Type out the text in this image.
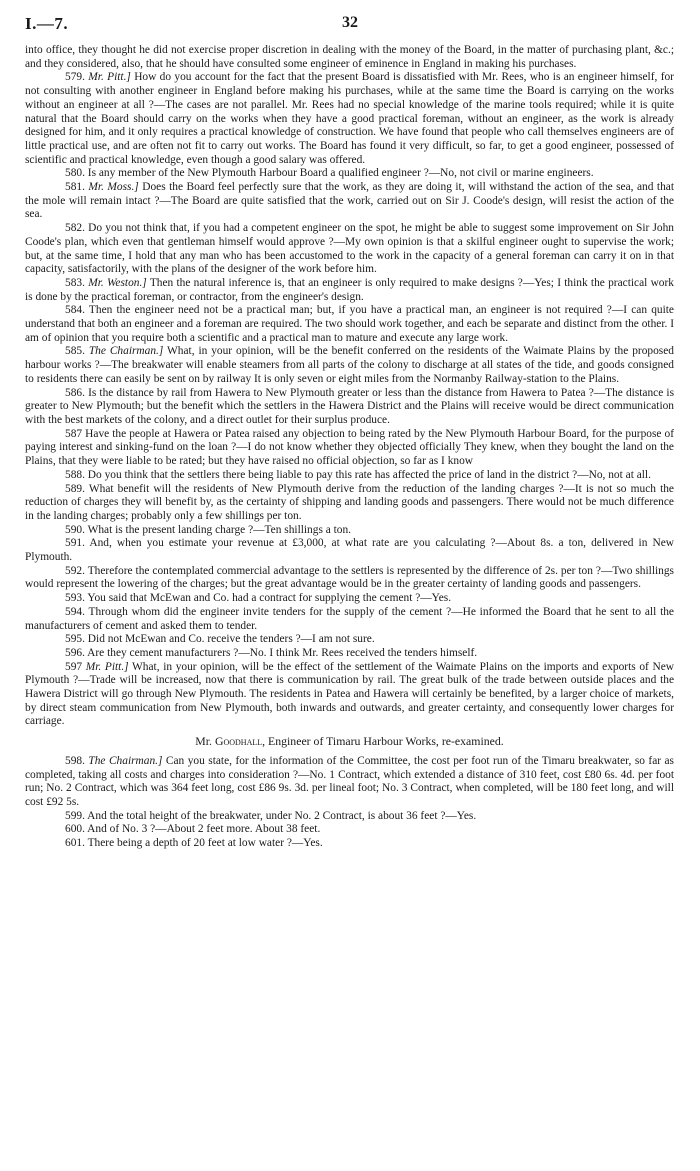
I.—7.	32

into office, they thought he did not exercise proper discretion in dealing with the money of the Board, in the matter of purchasing plant, &c.; and they considered, also, that he should have consulted some engineer of eminence in England in making his purchases.

579. Mr. Pitt.] How do you account for the fact that the present Board is dissatisfied with Mr. Rees, who is an engineer himself, for not consulting with another engineer in England before making his purchases, while at the same time the Board is carrying on the works without an engineer at all ?—The cases are not parallel. Mr. Rees had no special knowledge of the marine tools required; while it is quite natural that the Board should carry on the works when they have a good practical foreman, without an engineer, as the work is already designed for him, and it only requires a practical knowledge of construction. We have found that people who call themselves engineers are of little practical use, and are often not fit to carry out works. The Board has found it very difficult, so far, to get a good engineer, possessed of scientific and practical knowledge, even though a good salary was offered.

580. Is any member of the New Plymouth Harbour Board a qualified engineer ?—No, not civil or marine engineers.

581. Mr. Moss.] Does the Board feel perfectly sure that the work, as they are doing it, will withstand the action of the sea, and that the mole will remain intact ?—The Board are quite satisfied that the work, carried out on Sir J. Coode's design, will resist the action of the sea.

582. Do you not think that, if you had a competent engineer on the spot, he might be able to suggest some improvement on Sir John Coode's plan, which even that gentleman himself would approve ?—My own opinion is that a skilful engineer ought to supervise the work; but, at the same time, I hold that any man who has been accustomed to the work in the capacity of a general foreman can carry it on in that capacity, satisfactorily, with the plans of the designer of the work before him.

583. Mr. Weston.] Then the natural inference is, that an engineer is only required to make designs ?—Yes; I think the practical work is done by the practical foreman, or contractor, from the engineer's design.

584. Then the engineer need not be a practical man; but, if you have a practical man, an engineer is not required ?—I can quite understand that both an engineer and a foreman are required. The two should work together, and each be separate and distinct from the other. I am of opinion that you require both a scientific and a practical man to mature and execute any large work.

585. The Chairman.] What, in your opinion, will be the benefit conferred on the residents of the Waimate Plains by the proposed harbour works ?—The breakwater will enable steamers from all parts of the colony to discharge at all states of the tide, and goods consigned to residents there can easily be sent on by railway It is only seven or eight miles from the Normanby Railway-station to the Plains.

586. Is the distance by rail from Hawera to New Plymouth greater or less than the distance from Hawera to Patea ?—The distance is greater to New Plymouth; but the benefit which the settlers in the Hawera District and the Plains will receive would be direct communication with the best markets of the colony, and a direct outlet for their surplus produce.

587 Have the people at Hawera or Patea raised any objection to being rated by the New Plymouth Harbour Board, for the purpose of paying interest and sinking-fund on the loan ?—I do not know whether they objected officially They knew, when they bought the land on the Plains, that they were liable to be rated; but they have raised no official objection, so far as I know

588. Do you think that the settlers there being liable to pay this rate has affected the price of land in the district ?—No, not at all.

589. What benefit will the residents of New Plymouth derive from the reduction of the landing charges ?—It is not so much the reduction of charges they will benefit by, as the certainty of shipping and landing goods and passengers. There would not be much difference in the landing charges; probably only a few shillings per ton.

590. What is the present landing charge ?—Ten shillings a ton.

591. And, when you estimate your revenue at £3,000, at what rate are you calculating ?—About 8s. a ton, delivered in New Plymouth.

592. Therefore the contemplated commercial advantage to the settlers is represented by the difference of 2s. per ton ?—Two shillings would represent the lowering of the charges; but the great advantage would be in the greater certainty of landing goods and passengers.

593. You said that McEwan and Co. had a contract for supplying the cement ?—Yes.

594. Through whom did the engineer invite tenders for the supply of the cement ?—He informed the Board that he sent to all the manufacturers of cement and asked them to tender.

595. Did not McEwan and Co. receive the tenders ?—I am not sure.

596. Are they cement manufacturers ?—No. I think Mr. Rees received the tenders himself.

597 Mr. Pitt.] What, in your opinion, will be the effect of the settlement of the Waimate Plains on the imports and exports of New Plymouth ?—Trade will be increased, now that there is communication by rail. The great bulk of the trade between outside places and the Hawera District will go through New Plymouth. The residents in Patea and Hawera will certainly be benefited, by a larger choice of markets, by direct steam communication from New Plymouth, both inwards and outwards, and greater certainty, and consequently lower charges for carriage.

Mr. Goodhall, Engineer of Timaru Harbour Works, re-examined.

598. The Chairman.] Can you state, for the information of the Committee, the cost per foot run of the Timaru breakwater, so far as completed, taking all costs and charges into consideration ?—No. 1 Contract, which extended a distance of 310 feet, cost £80 6s. 4d. per foot run; No. 2 Contract, which was 364 feet long, cost £86 9s. 3d. per lineal foot; No. 3 Contract, when completed, will be 180 feet long, and will cost £92 5s.

599. And the total height of the breakwater, under No. 2 Contract, is about 36 feet ?—Yes.

600. And of No. 3 ?—About 2 feet more. About 38 feet.

601. There being a depth of 20 feet at low water ?—Yes.
